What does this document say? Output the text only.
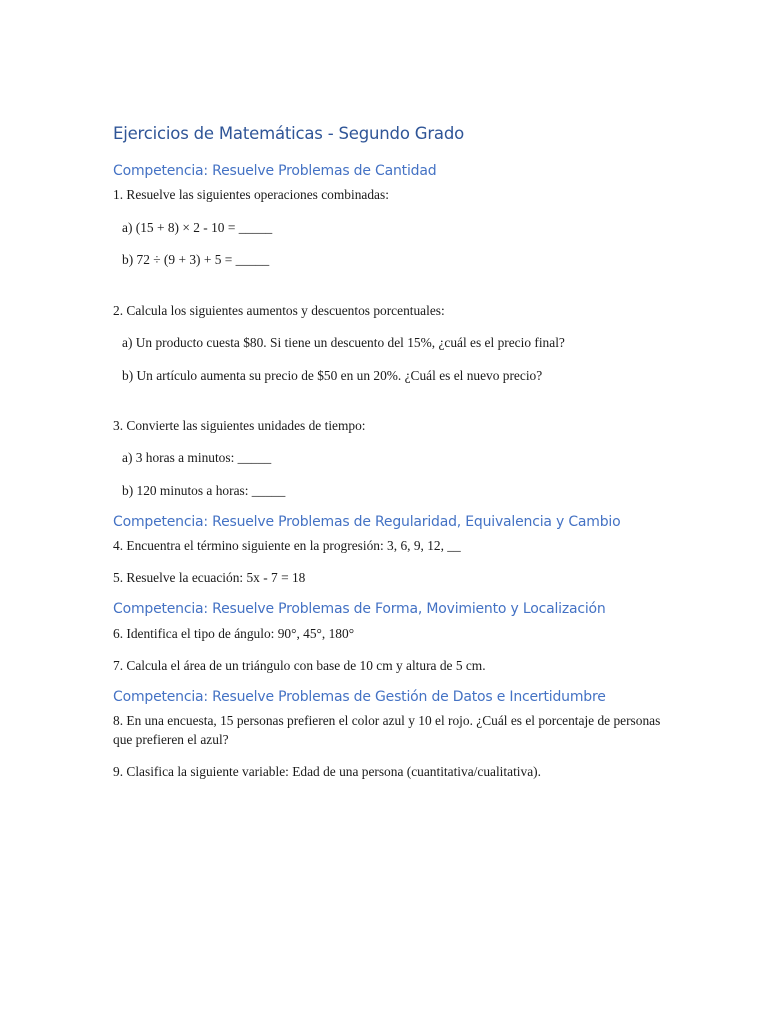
Ejercicios de Matemáticas - Segundo Grado
Competencia: Resuelve Problemas de Cantidad
1. Resuelve las siguientes operaciones combinadas:
a) (15 + 8) × 2 - 10 = _____
b) 72 ÷ (9 + 3) + 5 = _____
2. Calcula los siguientes aumentos y descuentos porcentuales:
a) Un producto cuesta $80. Si tiene un descuento del 15%, ¿cuál es el precio final?
b) Un artículo aumenta su precio de $50 en un 20%. ¿Cuál es el nuevo precio?
3. Convierte las siguientes unidades de tiempo:
a) 3 horas a minutos: _____
b) 120 minutos a horas: _____
Competencia: Resuelve Problemas de Regularidad, Equivalencia y Cambio
4. Encuentra el término siguiente en la progresión: 3, 6, 9, 12, __
5. Resuelve la ecuación: 5x - 7 = 18
Competencia: Resuelve Problemas de Forma, Movimiento y Localización
6. Identifica el tipo de ángulo: 90°, 45°, 180°
7. Calcula el área de un triángulo con base de 10 cm y altura de 5 cm.
Competencia: Resuelve Problemas de Gestión de Datos e Incertidumbre
8. En una encuesta, 15 personas prefieren el color azul y 10 el rojo. ¿Cuál es el porcentaje de personas que prefieren el azul?
9. Clasifica la siguiente variable: Edad de una persona (cuantitativa/cualitativa).
